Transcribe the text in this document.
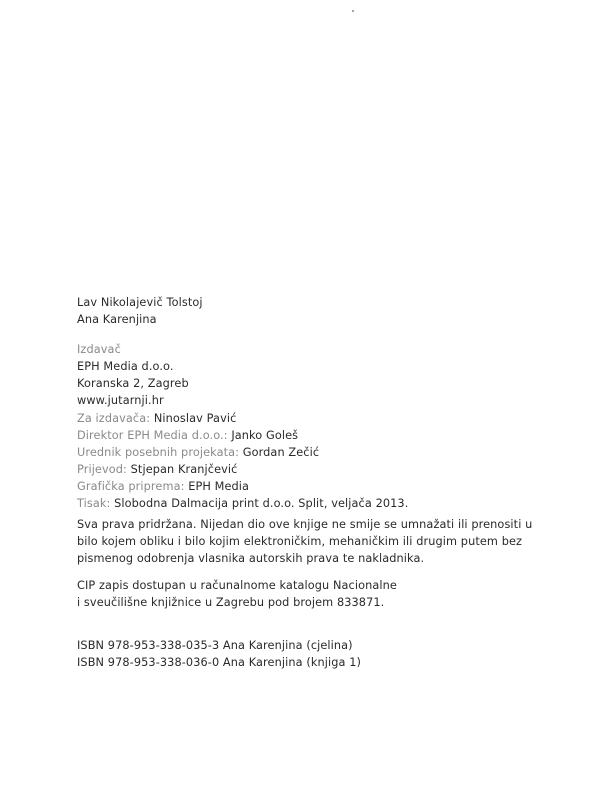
Lav Nikolajevič Tolstoj
Ana Karenjina
Izdavač
EPH Media d.o.o.
Koranska 2, Zagreb
www.jutarnji.hr
Za izdavača: Ninoslav Pavić
Direktor EPH Media d.o.o.: Janko Goleš
Urednik posebnih projekata: Gordan Zečić
Prijevod: Stjepan Kranjčević
Grafička priprema: EPH Media
Tisak: Slobodna Dalmacija print d.o.o. Split, veljača 2013.
Sva prava pridržana. Nijedan dio ove knjige ne smije se umnažati ili prenositi u
bilo kojem obliku i bilo kojim elektroničkim, mehaničkim ili drugim putem bez
pismenog odobrenja vlasnika autorskih prava te nakladnika.
CIP zapis dostupan u računalnome katalogu Nacionalne
i sveučilišne knjižnice u Zagrebu pod brojem 833871.
ISBN 978-953-338-035-3 Ana Karenjina (cjelina)
ISBN 978-953-338-036-0 Ana Karenjina (knjiga 1)
